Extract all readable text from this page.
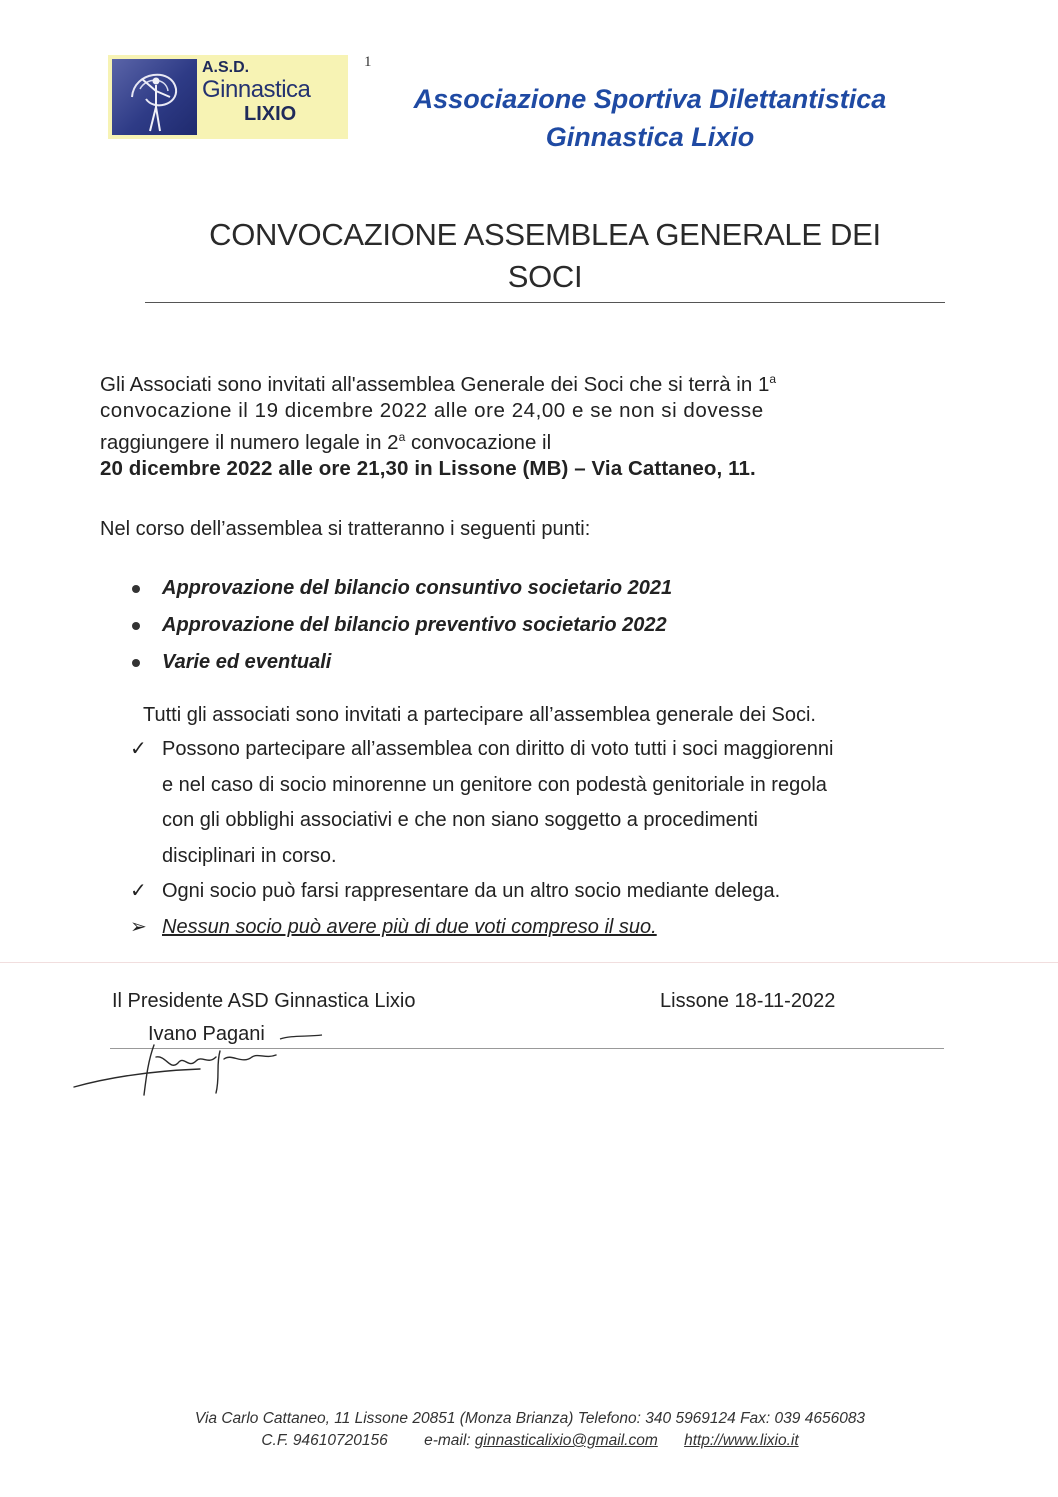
A.S.D.
Ginnastica
LIXIO
1
Associazione Sportiva Dilettantistica
Ginnastica Lixio
CONVOCAZIONE ASSEMBLEA GENERALE DEI
SOCI
Gli Associati sono invitati all'assemblea Generale dei Soci che si terrà in 1$^a$
convocazione il 19 dicembre 2022 alle ore 24,00 e se non si dovesse
raggiungere il numero legale in 2$^a$ convocazione il
20 dicembre 2022 alle ore 21,30 in Lissone (MB) – Via Cattaneo, 11.
Nel corso dell’assemblea si tratteranno i seguenti punti:
Approvazione del bilancio consuntivo societario 2021
Approvazione del bilancio preventivo societario 2022
Varie ed eventuali
Tutti gli associati sono invitati a partecipare all’assemblea generale dei Soci.
✓ Possono partecipare all’assemblea con diritto di voto tutti i soci maggiorenni
e nel caso di socio minorenne un genitore con podestà genitoriale in regola
con gli obblighi associativi e che non siano soggetto a procedimenti
disciplinari in corso.
✓ Ogni socio può farsi rappresentare da un altro socio mediante delega.
➢ Nessun socio può avere più di due voti compreso il suo.
Il Presidente ASD Ginnastica Lixio	Lissone 18-11-2022
Ivano Pagani
Via Carlo Cattaneo, 11 Lissone 20851 (Monza Brianza) Telefono: 340 5969124 Fax: 039 4656083
C.F. 94610720156 e-mail: ginnasticalixio@gmail.com http://www.lixio.it
